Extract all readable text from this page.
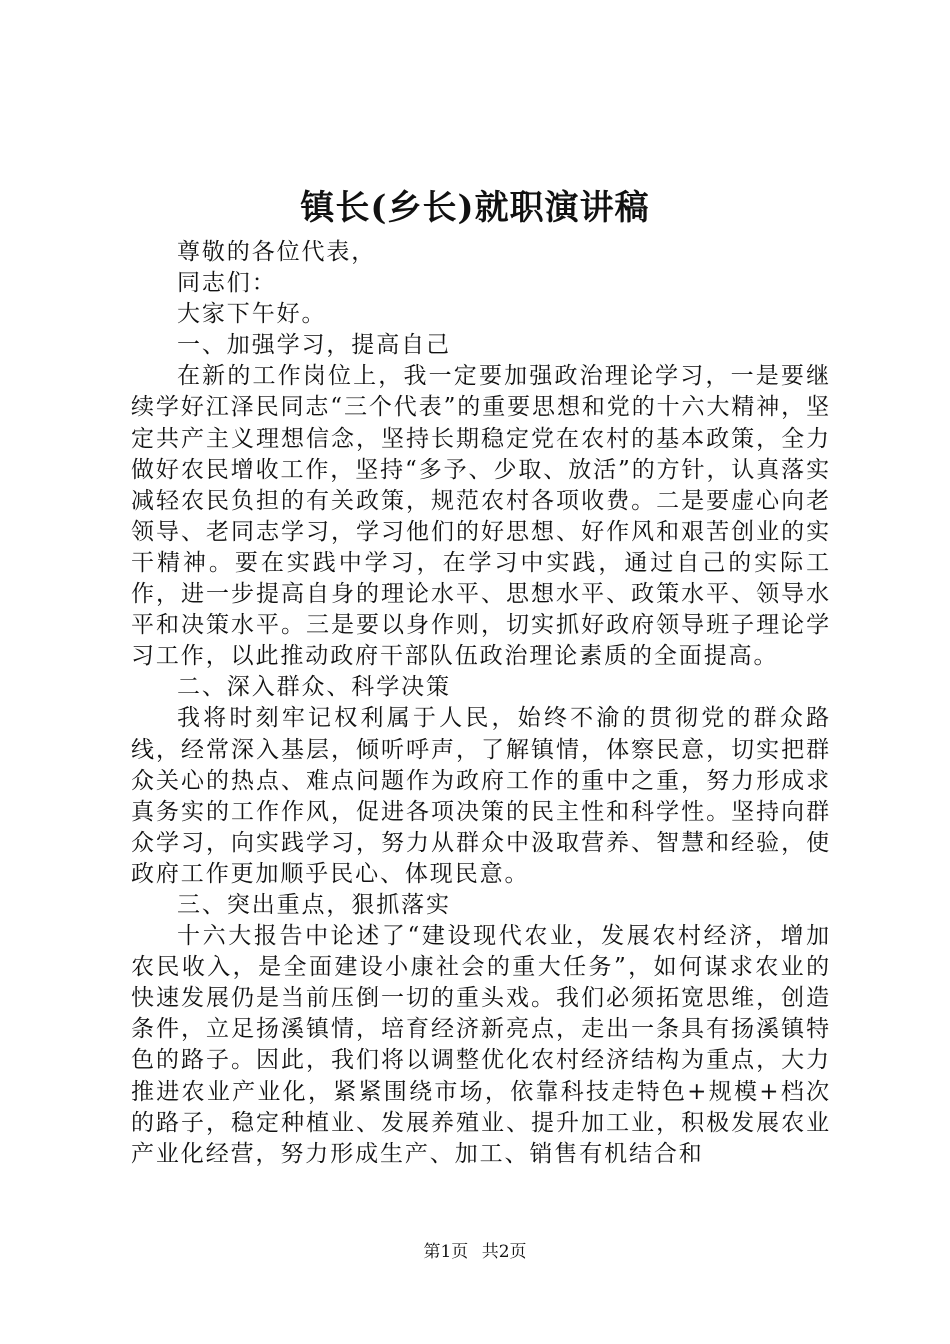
镇长(乡长)就职演讲稿

尊敬的各位代表，

同志们：

大家下午好。

一、加强学习，提高自己

在新的工作岗位上，我一定要加强政治理论学习，一是要继续学好江泽民同志“三个代表”的重要思想和党的十六大精神，坚定共产主义理想信念，坚持长期稳定党在农村的基本政策，全力做好农民增收工作，坚持“多予、少取、放活”的方针，认真落实减轻农民负担的有关政策，规范农村各项收费。二是要虚心向老领导、老同志学习，学习他们的好思想、好作风和艰苦创业的实干精神。要在实践中学习，在学习中实践，通过自己的实际工作，进一步提高自身的理论水平、思想水平、政策水平、领导水平和决策水平。三是要以身作则，切实抓好政府领导班子理论学习工作，以此推动政府干部队伍政治理论素质的全面提高。

二、深入群众、科学决策

我将时刻牢记权利属于人民，始终不渝的贯彻党的群众路线，经常深入基层，倾听呼声，了解镇情，体察民意，切实把群众关心的热点、难点问题作为政府工作的重中之重，努力形成求真务实的工作作风，促进各项决策的民主性和科学性。坚持向群众学习，向实践学习，努力从群众中汲取营养、智慧和经验，使政府工作更加顺乎民心、体现民意。

三、突出重点，狠抓落实

十六大报告中论述了“建设现代农业，发展农村经济，增加农民收入，是全面建设小康社会的重大任务”，如何谋求农业的快速发展仍是当前压倒一切的重头戏。我们必须拓宽思维，创造条件，立足扬溪镇情，培育经济新亮点，走出一条具有扬溪镇特色的路子。因此，我们将以调整优化农村经济结构为重点，大力推进农业产业化，紧紧围绕市场，依靠科技走特色+规模+档次的路子，稳定种植业、发展养殖业、提升加工业，积极发展农业产业化经营，努力形成生产、加工、销售有机结合和

第1页 共2页
